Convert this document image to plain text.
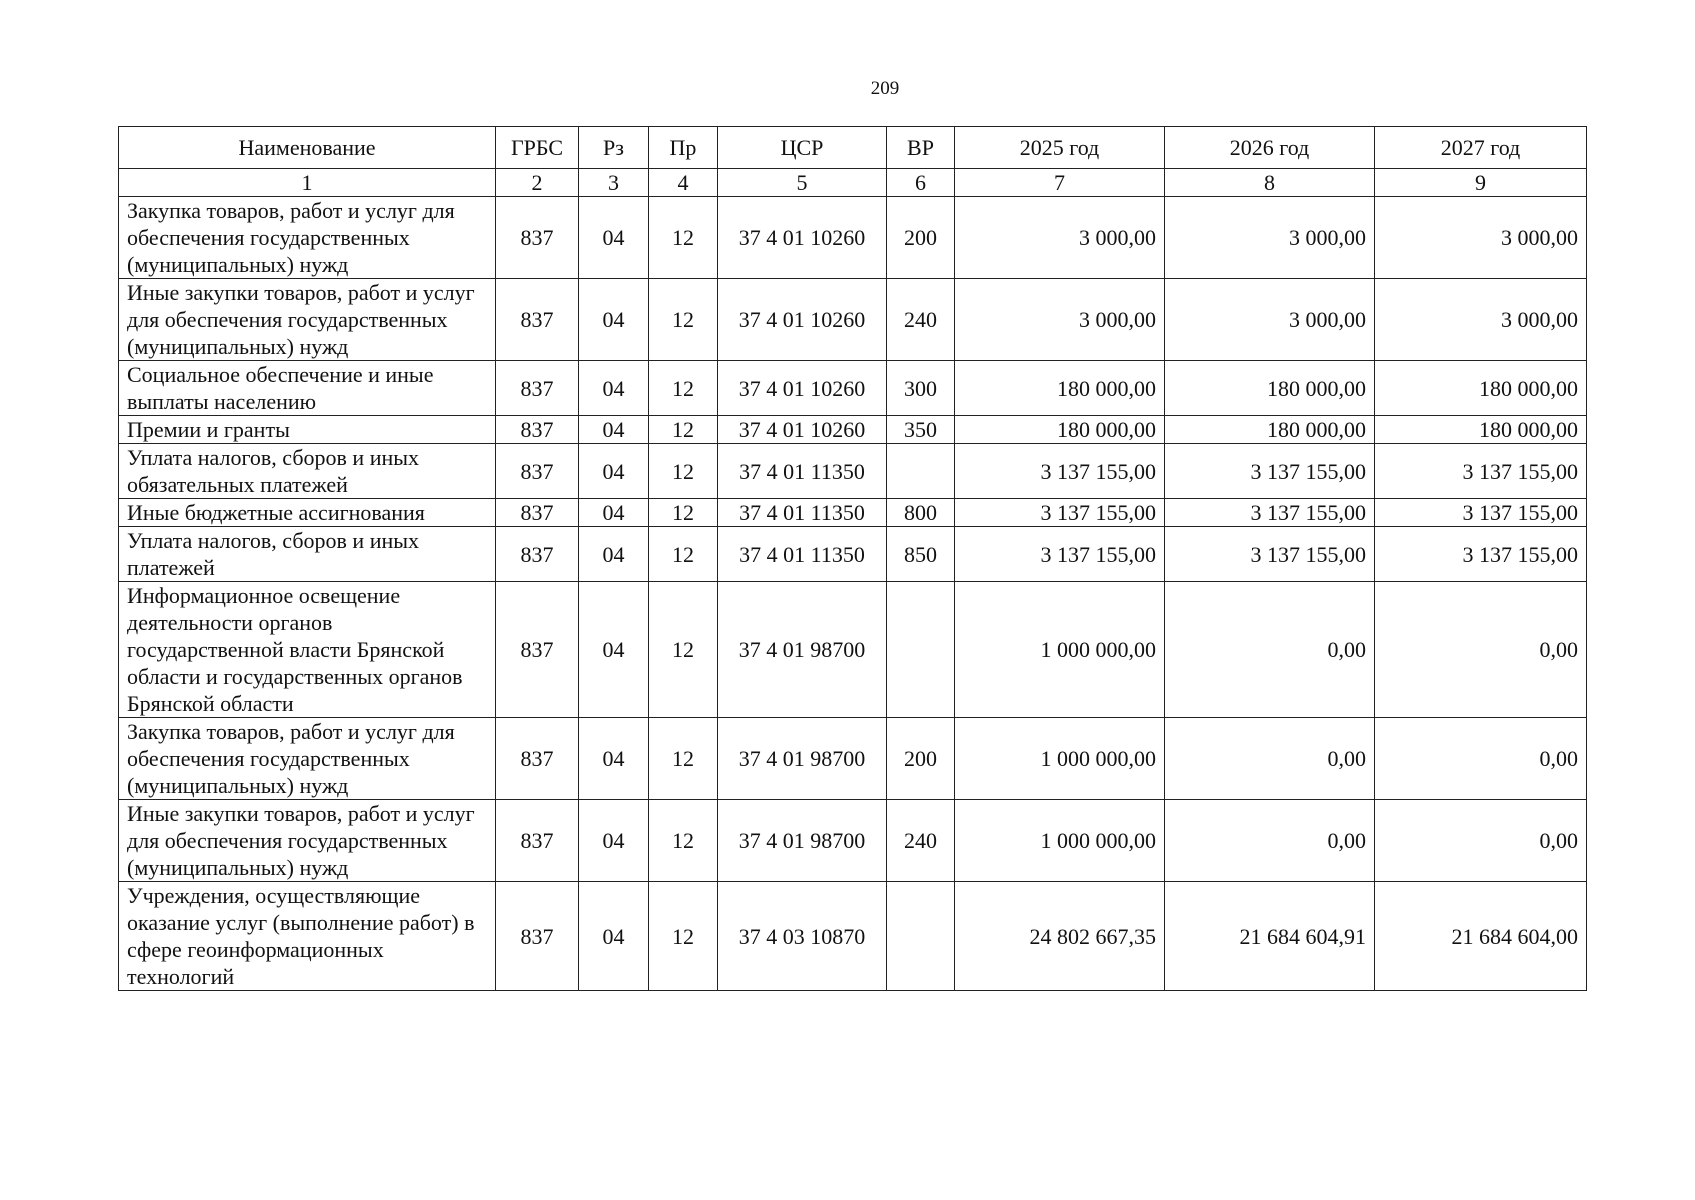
209
Наименование	ГРБС	Рз	Пр	ЦСР	ВР	2025 год	2026 год	2027 год
1	2	3	4	5	6	7	8	9
Закупка товаров, работ и услуг для обеспечения государственных (муниципальных) нужд	837	04	12	37 4 01 10260	200	3 000,00	3 000,00	3 000,00
Иные закупки товаров, работ и услуг для обеспечения государственных (муниципальных) нужд	837	04	12	37 4 01 10260	240	3 000,00	3 000,00	3 000,00
Социальное обеспечение и иные выплаты населению	837	04	12	37 4 01 10260	300	180 000,00	180 000,00	180 000,00
Премии и гранты	837	04	12	37 4 01 10260	350	180 000,00	180 000,00	180 000,00
Уплата налогов, сборов и иных обязательных платежей	837	04	12	37 4 01 11350		3 137 155,00	3 137 155,00	3 137 155,00
Иные бюджетные ассигнования	837	04	12	37 4 01 11350	800	3 137 155,00	3 137 155,00	3 137 155,00
Уплата налогов, сборов и иных платежей	837	04	12	37 4 01 11350	850	3 137 155,00	3 137 155,00	3 137 155,00
Информационное освещение деятельности органов государственной власти Брянской области и государственных органов Брянской области	837	04	12	37 4 01 98700		1 000 000,00	0,00	0,00
Закупка товаров, работ и услуг для обеспечения государственных (муниципальных) нужд	837	04	12	37 4 01 98700	200	1 000 000,00	0,00	0,00
Иные закупки товаров, работ и услуг для обеспечения государственных (муниципальных) нужд	837	04	12	37 4 01 98700	240	1 000 000,00	0,00	0,00
Учреждения, осуществляющие оказание услуг (выполнение работ) в сфере геоинформационных технологий	837	04	12	37 4 03 10870		24 802 667,35	21 684 604,91	21 684 604,00
